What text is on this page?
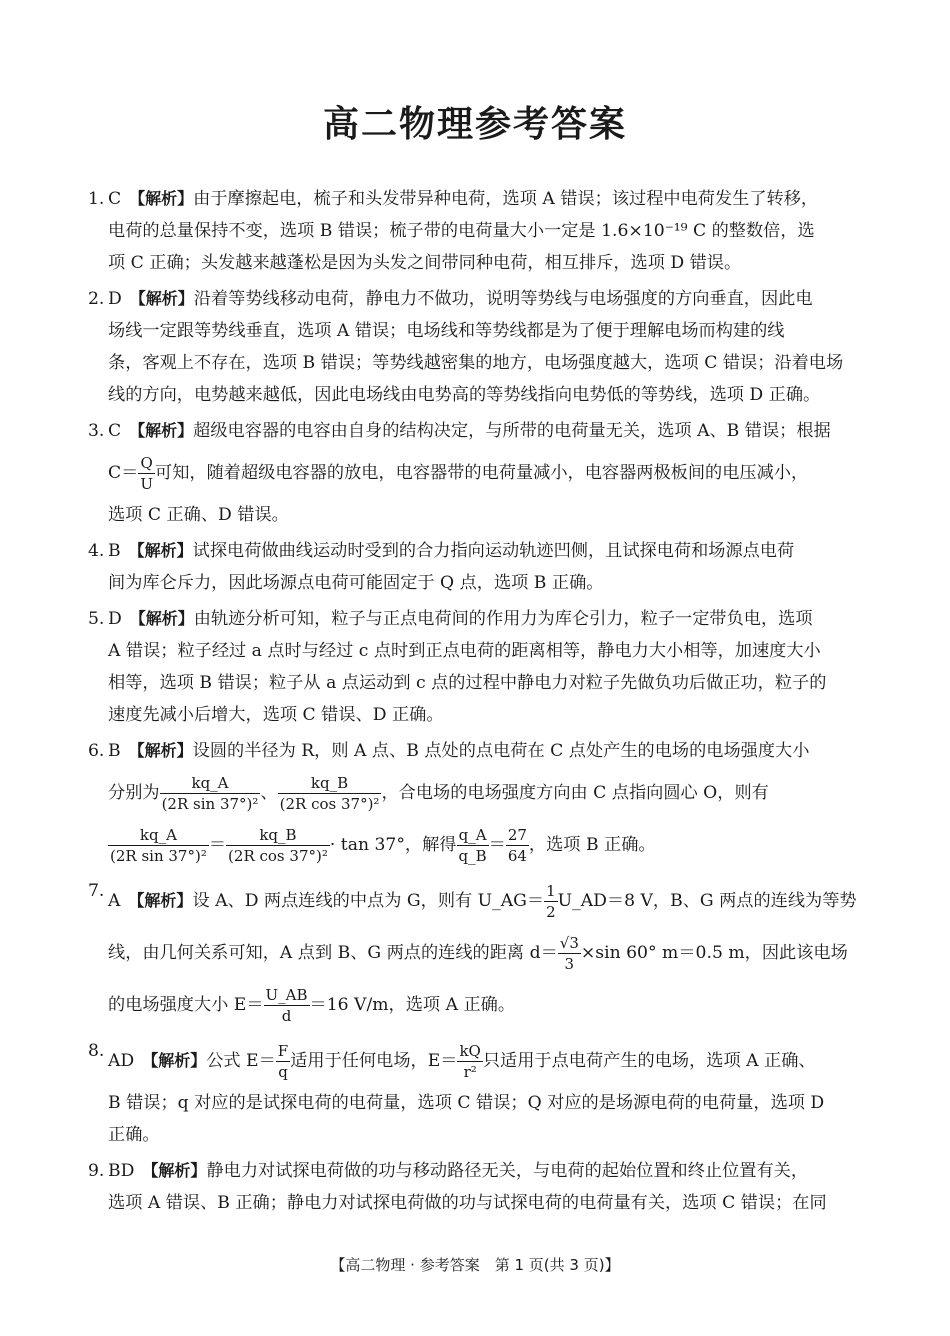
高二物理参考答案
1. C 【解析】由于摩擦起电，梳子和头发带异种电荷，选项 A 错误；该过程中电荷发生了转移，
电荷的总量保持不变，选项 B 错误；梳子带的电荷量大小一定是 1.6×10⁻¹⁹ C 的整数倍，选
项 C 正确；头发越来越蓬松是因为头发之间带同种电荷，相互排斥，选项 D 错误。
2. D 【解析】沿着等势线移动电荷，静电力不做功，说明等势线与电场强度的方向垂直，因此电
场线一定跟等势线垂直，选项 A 错误；电场线和等势线都是为了便于理解电场而构建的线
条，客观上不存在，选项 B 错误；等势线越密集的地方，电场强度越大，选项 C 错误；沿着电场
线的方向，电势越来越低，因此电场线由电势高的等势线指向电势低的等势线，选项 D 正确。
3. C 【解析】超级电容器的电容由自身的结构决定，与所带的电荷量无关，选项 A、B 错误；根据
$C= \frac{Q}{U}$ 可知，随着超级电容器的放电，电容器带的电荷量减小，电容器两极板间的电压减小，
选项 C 正确、D 错误。
4. B 【解析】试探电荷做曲线运动时受到的合力指向运动轨迹凹侧，且试探电荷和场源点电荷
间为库仑斥力，因此场源点电荷可能固定于 Q 点，选项 B 正确。
5. D 【解析】由轨迹分析可知，粒子与正点电荷间的作用力为库仑引力，粒子一定带负电，选项
A 错误；粒子经过 a 点时与经过 c 点时到正点电荷的距离相等，静电力大小相等，加速度大小
相等，选项 B 错误；粒子从 a 点运动到 c 点的过程中静电力对粒子先做负功后做正功，粒子的
速度先减小后增大，选项 C 错误、D 正确。
6. B 【解析】设圆的半径为 R，则 A 点、B 点处的点电荷在 C 点处产生的电场的电场强度大小
分别为 $\frac{kq\_A}{\text{(2R sin 37°)²}}$ 、 $\frac{kq\_B}{\text{(2R cos 37°)²}}$ ，合电场的电场强度方向由 C 点指向圆心 O，则有
$\frac{kq\_A}{\text{(2R sin 37°)²}} = \frac{kq\_B}{\text{(2R cos 37°)²}} \cdot \tan 37^\circ$，解得 $\frac{q\_A}{q\_B} = \frac{27}{64}$ ，选项 B 正确。
7. A 【解析】设 A、D 两点连线的中点为 G，则有 U_AG＝ $\frac{1}{2}$ U_AD＝8 V，B、G 两点的连线为等势
线，由几何关系可知，A 点到 B、G 两点的连线的距离 $d= \frac{√3}{3} \times\sin$ 60° m＝0.5 m，因此该电场
的电场强度大小 $E= \frac{U\_AB}{d} =16$ V/m，选项 A 正确。
8. AD 【解析】公式 $E= \frac{F}{q}$ 适用于任何电场，$E= \frac{kQ}{\text{r²}}$ 只适用于点电荷产生的电场，选项 A 正确、
B 错误；q 对应的是试探电荷的电荷量，选项 C 错误；Q 对应的是场源电荷的电荷量，选项 D
正确。
9. BD 【解析】静电力对试探电荷做的功与移动路径无关，与电荷的起始位置和终止位置有关，
选项 A 错误、B 正确；静电力对试探电荷做的功与试探电荷的电荷量有关，选项 C 错误；在同
【高二物理 · 参考答案　第 1 页(共 3 页)】
